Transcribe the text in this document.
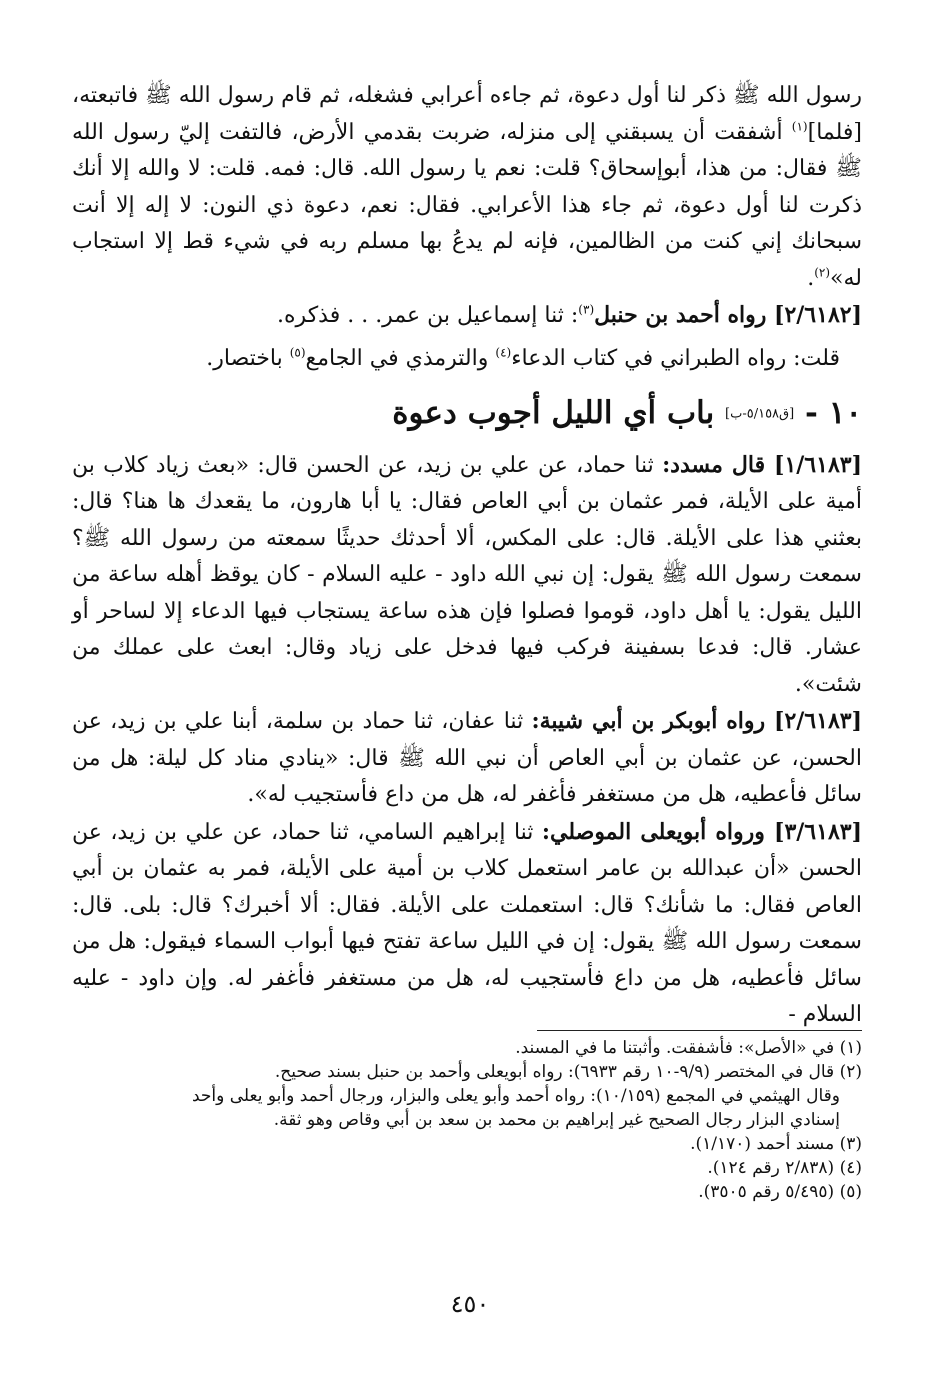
رسول الله ﷺ ذكر لنا أول دعوة، ثم جاءه أعرابي فشغله، ثم قام رسول الله ﷺ فاتبعته، [فلما]$^{(١)}$ أشفقت أن يسبقني إلى منزله، ضربت بقدمي الأرض، فالتفت إليّ رسول الله ﷺ فقال: من هذا، أبوإسحاق؟ قلت: نعم يا رسول الله. قال: فمه. قلت: لا والله إلا أنك ذكرت لنا أول دعوة، ثم جاء هذا الأعرابي. فقال: نعم، دعوة ذي النون: لا إله إلا أنت سبحانك إني كنت من الظالمين، فإنه لم يدعُ بها مسلم ربه في شيء قط إلا استجاب له»$^{(٢)}$.

[٢/٦١٨٢] رواه أحمد بن حنبل$^{(٣)}$: ثنا إسماعيل بن عمر. . . فذكره.

قلت: رواه الطبراني في كتاب الدعاء$^{(٤)}$ والترمذي في الجامع$^{(٥)}$ باختصار.

١٠ - [ق٥/١٥٨-ب] باب أي الليل أجوب دعوة

[١/٦١٨٣] قال مسدد: ثنا حماد، عن علي بن زيد، عن الحسن قال: «بعث زياد كلاب بن أمية على الأيلة، فمر عثمان بن أبي العاص فقال: يا أبا هارون، ما يقعدك ها هنا؟ قال: بعثني هذا على الأيلة. قال: على المكس، ألا أحدثك حديثًا سمعته من رسول الله ﷺ؟ سمعت رسول الله ﷺ يقول: إن نبي الله داود - عليه السلام - كان يوقظ أهله ساعة من الليل يقول: يا أهل داود، قوموا فصلوا فإن هذه ساعة يستجاب فيها الدعاء إلا لساحر أو عشار. قال: فدعا بسفينة فركب فيها فدخل على زياد وقال: ابعث على عملك من شئت».

[٢/٦١٨٣] رواه أبوبكر بن أبي شيبة: ثنا عفان، ثنا حماد بن سلمة، أبنا علي بن زيد، عن الحسن، عن عثمان بن أبي العاص أن نبي الله ﷺ قال: «ينادي مناد كل ليلة: هل من سائل فأعطيه، هل من مستغفر فأغفر له، هل من داع فأستجيب له».

[٣/٦١٨٣] ورواه أبويعلى الموصلي: ثنا إبراهيم السامي، ثنا حماد، عن علي بن زيد، عن الحسن «أن عبدالله بن عامر استعمل كلاب بن أمية على الأيلة، فمر به عثمان بن أبي العاص فقال: ما شأنك؟ قال: استعملت على الأيلة. فقال: ألا أخبرك؟ قال: بلى. قال: سمعت رسول الله ﷺ يقول: إن في الليل ساعة تفتح فيها أبواب السماء فيقول: هل من سائل فأعطيه، هل من داع فأستجيب له، هل من مستغفر فأغفر له. وإن داود - عليه السلام -

(١) في «الأصل»: فأشفقت. وأثبتنا ما في المسند.

(٢) قال في المختصر (٩/٩-١٠ رقم ٦٩٣٣): رواه أبويعلى وأحمد بن حنبل بسند صحيح.

وقال الهيثمي في المجمع (١٠/١٥٩): رواه أحمد وأبو يعلى والبزار، ورجال أحمد وأبو يعلى وأحد

إسنادي البزار رجال الصحيح غير إبراهيم بن محمد بن سعد بن أبي وقاص وهو ثقة.

(٣) مسند أحمد (١/١٧٠).

(٤) (٢/٨٣٨ رقم ١٢٤).

(٥) (٥/٤٩٥ رقم ٣٥٠٥).

٤٥٠
